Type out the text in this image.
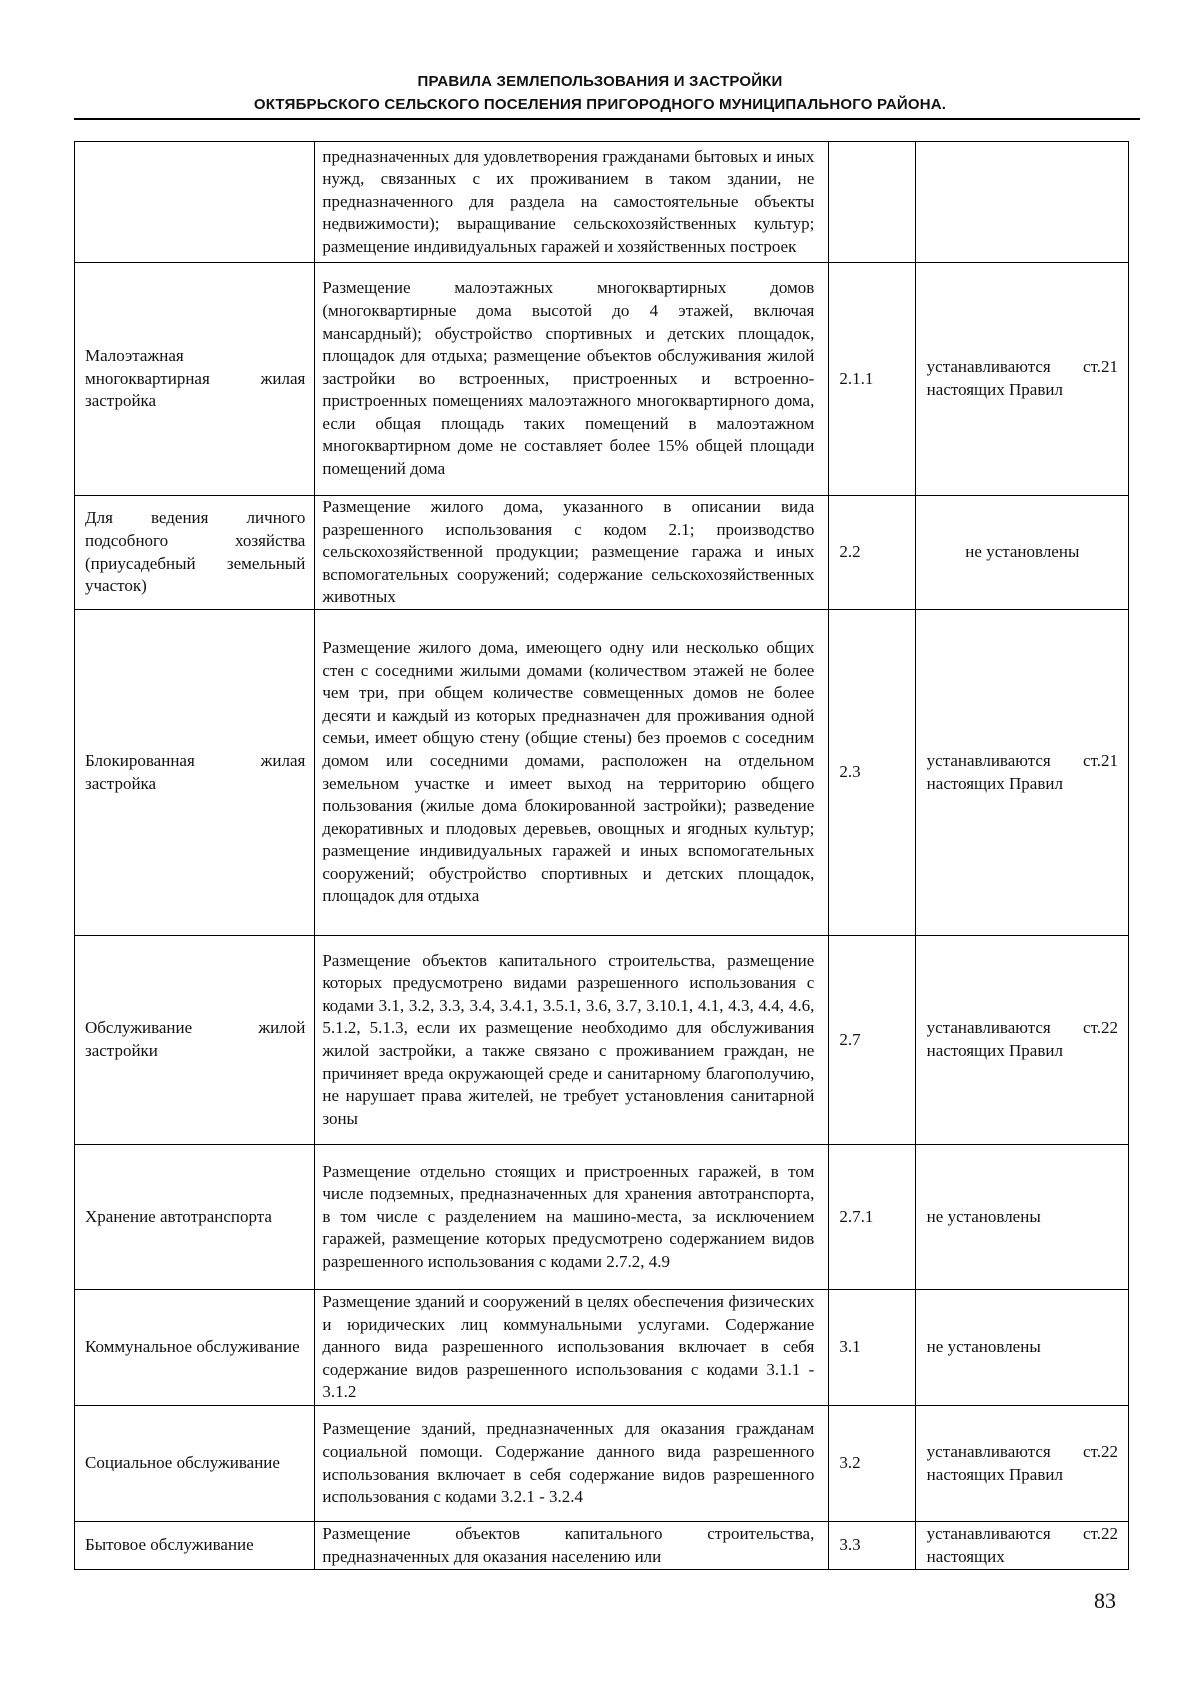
ПРАВИЛА ЗЕМЛЕПОЛЬЗОВАНИЯ И ЗАСТРОЙКИ
ОКТЯБРЬСКОГО СЕЛЬСКОГО ПОСЕЛЕНИЯ ПРИГОРОДНОГО МУНИЦИПАЛЬНОГО РАЙОНА.
	предназначенных для удовлетворения гражданами бытовых и иных нужд, связанных с их проживанием в таком здании, не предназначенного для раздела на самостоятельные объекты недвижимости); выращивание сельскохозяйственных культур; размещение индивидуальных гаражей и хозяйственных построек		
Малоэтажная многоквартирная жилая застройка	Размещение малоэтажных многоквартирных домов (многоквартирные дома высотой до 4 этажей, включая мансардный); обустройство спортивных и детских площадок, площадок для отдыха; размещение объектов обслуживания жилой застройки во встроенных, пристроенных и встроенно-пристроенных помещениях малоэтажного многоквартирного дома, если общая площадь таких помещений в малоэтажном многоквартирном доме не составляет более 15% общей площади помещений дома	2.1.1	устанавливаются ст.21 настоящих Правил
Для ведения личного подсобного хозяйства (приусадебный земельный участок)	Размещение жилого дома, указанного в описании вида разрешенного использования с кодом 2.1; производство сельскохозяйственной продукции; размещение гаража и иных вспомогательных сооружений; содержание сельскохозяйственных животных	2.2	не установлены
Блокированная жилая застройка	Размещение жилого дома, имеющего одну или несколько общих стен с соседними жилыми домами (количеством этажей не более чем три, при общем количестве совмещенных домов не более десяти и каждый из которых предназначен для проживания одной семьи, имеет общую стену (общие стены) без проемов с соседним домом или соседними домами, расположен на отдельном земельном участке и имеет выход на территорию общего пользования (жилые дома блокированной застройки); разведение декоративных и плодовых деревьев, овощных и ягодных культур; размещение индивидуальных гаражей и иных вспомогательных сооружений; обустройство спортивных и детских площадок, площадок для отдыха	2.3	устанавливаются ст.21 настоящих Правил
Обслуживание жилой застройки	Размещение объектов капитального строительства, размещение которых предусмотрено видами разрешенного использования с кодами 3.1, 3.2, 3.3, 3.4, 3.4.1, 3.5.1, 3.6, 3.7, 3.10.1, 4.1, 4.3, 4.4, 4.6, 5.1.2, 5.1.3, если их размещение необходимо для обслуживания жилой застройки, а также связано с проживанием граждан, не причиняет вреда окружающей среде и санитарному благополучию, не нарушает права жителей, не требует установления санитарной зоны	2.7	устанавливаются ст.22 настоящих Правил
Хранение автотранспорта	Размещение отдельно стоящих и пристроенных гаражей, в том числе подземных, предназначенных для хранения автотранспорта, в том числе с разделением на машино-места, за исключением гаражей, размещение которых предусмотрено содержанием видов разрешенного использования с кодами 2.7.2, 4.9	2.7.1	не установлены
Коммунальное обслуживание	Размещение зданий и сооружений в целях обеспечения физических и юридических лиц коммунальными услугами. Содержание данного вида разрешенного использования включает в себя содержание видов разрешенного использования с кодами 3.1.1 - 3.1.2	3.1	не установлены
Социальное обслуживание	Размещение зданий, предназначенных для оказания гражданам социальной помощи. Содержание данного вида разрешенного использования включает в себя содержание видов разрешенного использования с кодами 3.2.1 - 3.2.4	3.2	устанавливаются ст.22 настоящих Правил
Бытовое обслуживание	Размещение объектов капитального строительства, предназначенных для оказания населению или	3.3	устанавливаются ст.22 настоящих
83
